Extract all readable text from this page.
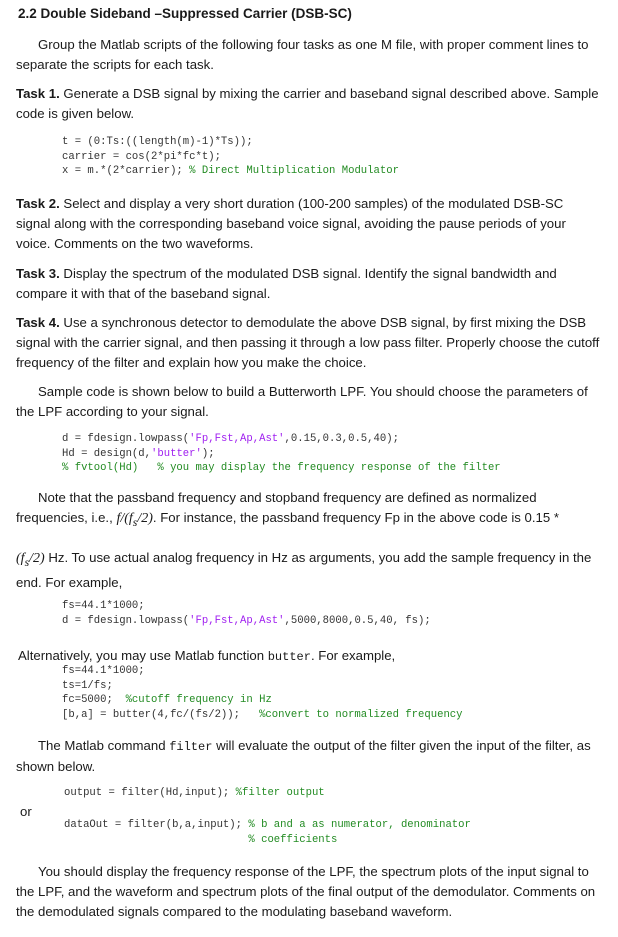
2.2 Double Sideband –Suppressed Carrier (DSB-SC)

Group the Matlab scripts of the following four tasks as one M file, with proper comment lines to separate the scripts for each task.

Task 1. Generate a DSB signal by mixing the carrier and baseband signal described above. Sample code is given below.

t = (0:Ts:((length(m)-1)*Ts));
carrier = cos(2*pi*fc*t);
x = m.*(2*carrier); % Direct Multiplication Modulator

Task 2. Select and display a very short duration (100-200 samples) of the modulated DSB-SC signal along with the corresponding baseband voice signal, avoiding the pause periods of your voice. Comments on the two waveforms.

Task 3. Display the spectrum of the modulated DSB signal. Identify the signal bandwidth and compare it with that of the baseband signal.

Task 4. Use a synchronous detector to demodulate the above DSB signal, by first mixing the DSB signal with the carrier signal, and then passing it through a low pass filter. Properly choose the cutoff frequency of the filter and explain how you make the choice.

Sample code is shown below to build a Butterworth LPF. You should choose the parameters of the LPF according to your signal.

d = fdesign.lowpass('Fp,Fst,Ap,Ast',0.15,0.3,0.5,40);
Hd = design(d,'butter');
% fvtool(Hd)   % you may display the frequency response of the filter

Note that the passband frequency and stopband frequency are defined as normalized frequencies, i.e., $f/(f_s/2)$. For instance, the passband frequency Fp in the above code is 0.15 *

$(f_s/2)$ Hz. To use actual analog frequency in Hz as arguments, you add the sample frequency in the end. For example,

fs=44.1*1000;
d = fdesign.lowpass('Fp,Fst,Ap,Ast',5000,8000,0.5,40, fs);

Alternatively, you may use Matlab function butter. For example,

fs=44.1*1000;
ts=1/fs;
fc=5000;  %cutoff frequency in Hz
[b,a] = butter(4,fc/(fs/2));   %convert to normalized frequency

The Matlab command filter will evaluate the output of the filter given the input of the filter, as shown below.

output = filter(Hd,input); %filter output
or
dataOut = filter(b,a,input); % b and a as numerator, denominator
% coefficients

You should display the frequency response of the LPF, the spectrum plots of the input signal to the LPF, and the waveform and spectrum plots of the final output of the demodulator. Comments on the demodulated signals compared to the modulating baseband waveform.
